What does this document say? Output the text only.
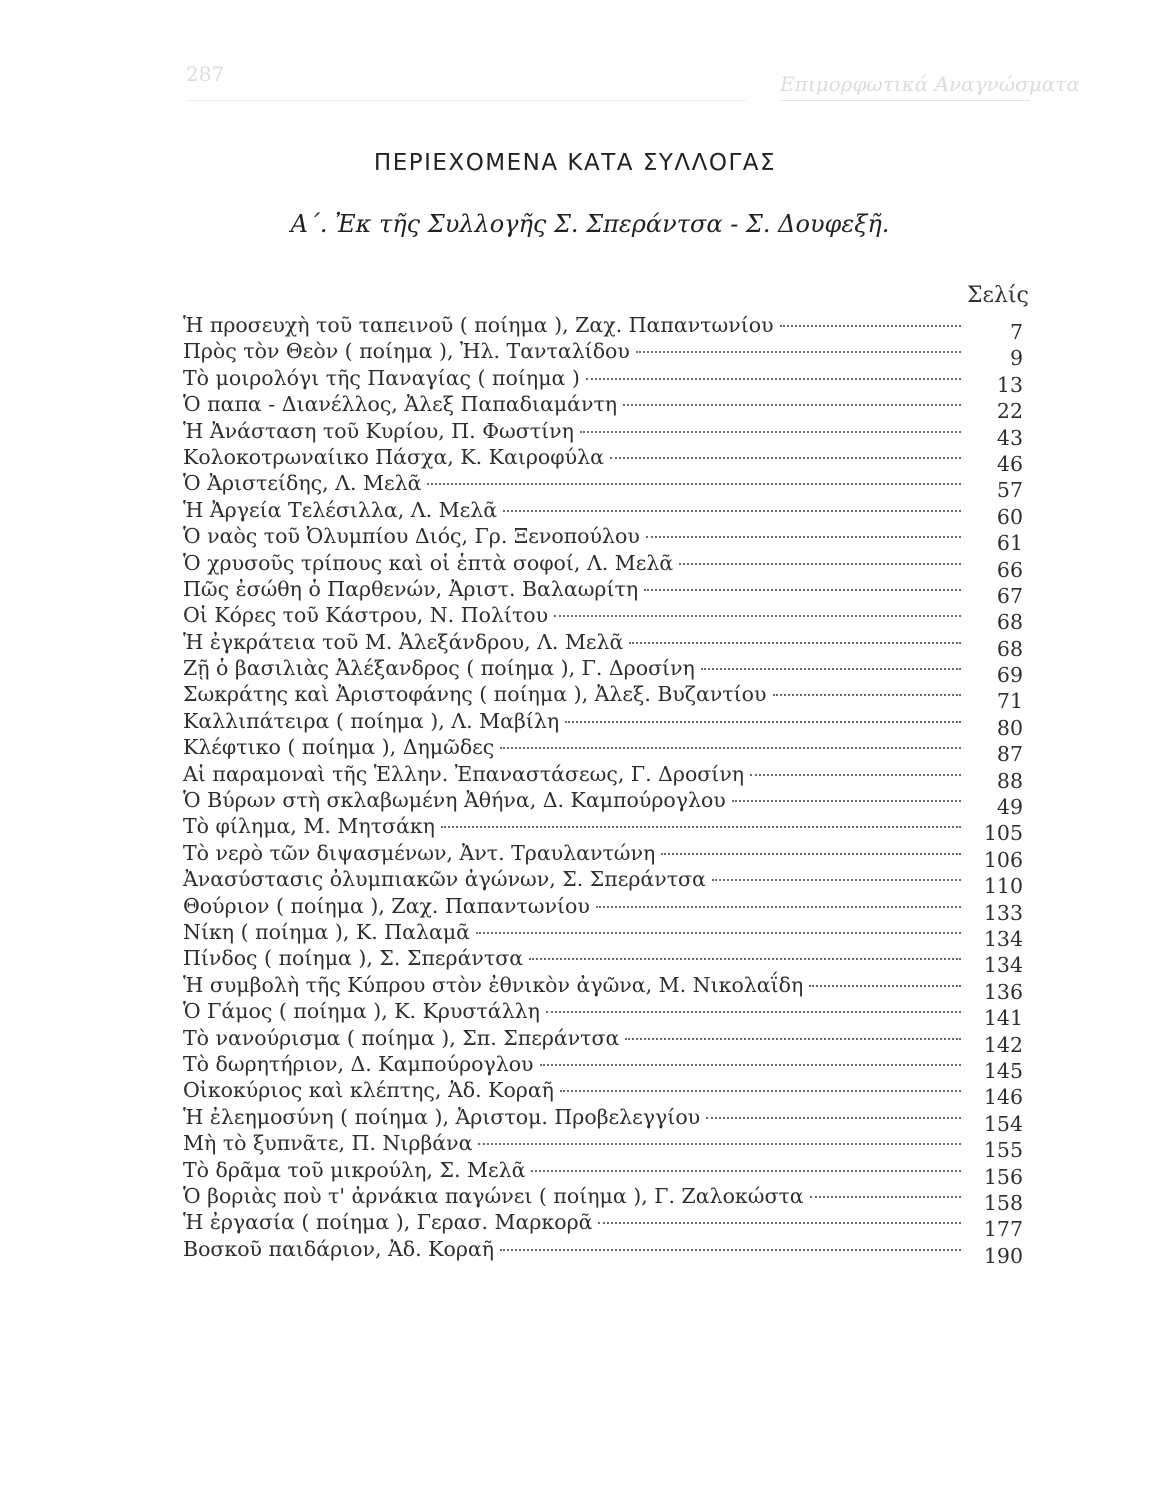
287	Επιμορφωτικά Αναγνώσματα
ΠΕΡΙΕΧΟΜΕΝΑ ΚΑΤΑ ΣΥΛΛΟΓΑΣ
Α΄. Ἐκ τῆς Συλλογῆς Σ. Σπεράντσα - Σ. Δουφεξῆ.
Σελίς
Ἡ προσευχὴ τοῦ ταπεινοῦ ( ποίημα ), Ζαχ. Παπαντωνίου	7
Πρὸς τὸν Θεὸν ( ποίημα ), Ἠλ. Τανταλίδου	9
Τὸ μοιρολόγι τῆς Παναγίας ( ποίημα )	13
Ὁ παπα - Διανέλλος, Ἀλεξ Παπαδιαμάντη	22
Ἡ Ἀνάσταση τοῦ Κυρίου, Π. Φωστίνη	43
Κολοκοτρωναίικο Πάσχα, Κ. Καιροφύλα	46
Ὁ Ἀριστείδης, Λ. Μελᾶ	57
Ἡ Ἀργεία Τελέσιλλα, Λ. Μελᾶ	60
Ὁ ναὸς τοῦ Ὀλυμπίου Διός, Γρ. Ξενοπούλου	61
Ὁ χρυσοῦς τρίπους καὶ οἱ ἑπτὰ σοφοί, Λ. Μελᾶ	66
Πῶς ἐσώθη ὁ Παρθενών, Ἀριστ. Βαλαωρίτη	67
Οἱ Κόρες τοῦ Κάστρου, Ν. Πολίτου	68
Ἡ ἐγκράτεια τοῦ Μ. Ἀλεξάνδρου, Λ. Μελᾶ	68
Ζῇ ὁ βασιλιὰς Ἀλέξανδρος ( ποίημα ), Γ. Δροσίνη	69
Σωκράτης καὶ Ἀριστοφάνης ( ποίημα ), Ἀλεξ. Βυζαντίου	71
Καλλιπάτειρα ( ποίημα ), Λ. Μαβίλη	80
Κλέφτικο ( ποίημα ), Δημῶδες	87
Αἱ παραμοναὶ τῆς Ἑλλην. Ἐπαναστάσεως, Γ. Δροσίνη	88
Ὁ Βύρων στὴ σκλαβωμένη Ἀθήνα, Δ. Καμπούρογλου	49
Τὸ φίλημα, Μ. Μητσάκη	105
Τὸ νερὸ τῶν διψασμένων, Ἀντ. Τραυλαντώνη	106
Ἀνασύστασις ὀλυμπιακῶν ἀγώνων, Σ. Σπεράντσα	110
Θούριον ( ποίημα ), Ζαχ. Παπαντωνίου	133
Νίκη ( ποίημα ), Κ. Παλαμᾶ	134
Πίνδος ( ποίημα ), Σ. Σπεράντσα	134
Ἡ συμβολὴ τῆς Κύπρου στὸν ἐθνικὸν ἀγῶνα, Μ. Νικολαΐδη	136
Ὁ Γάμος ( ποίημα ), Κ. Κρυστάλλη	141
Τὸ νανούρισμα ( ποίημα ), Σπ. Σπεράντσα	142
Τὸ δωρητήριον, Δ. Καμπούρογλου	145
Οἰκοκύριος καὶ κλέπτης, Ἀδ. Κοραῆ	146
Ἡ ἐλεημοσύνη ( ποίημα ), Ἀριστομ. Προβελεγγίου	154
Μὴ τὸ ξυπνᾶτε, Π. Νιρβάνα	155
Τὸ δρᾶμα τοῦ μικρούλη, Σ. Μελᾶ	156
Ὁ βοριὰς ποὺ τ' ἀρνάκια παγώνει ( ποίημα ), Γ. Ζαλοκώστα	158
Ἡ ἐργασία ( ποίημα ), Γερασ. Μαρκορᾶ	177
Βοσκοῦ παιδάριον, Ἀδ. Κοραῆ	190
